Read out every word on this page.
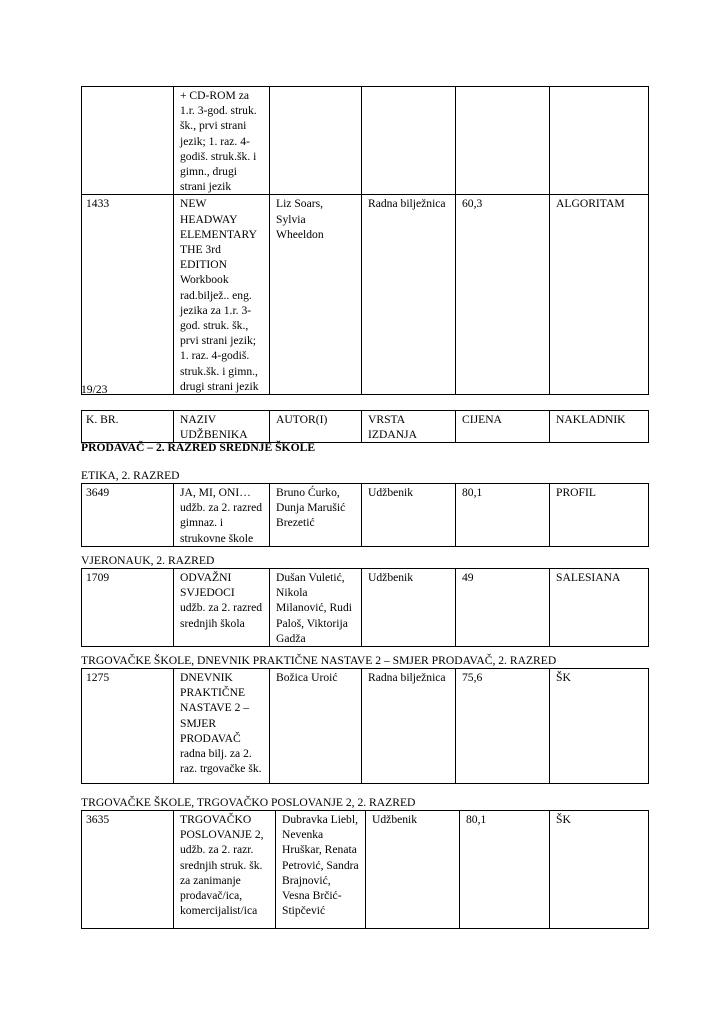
	+ CD-ROM za 1.r. 3-god. struk. šk., prvi strani jezik; 1. raz. 4-godiš. struk.šk. i gimn., drugi strani jezik				
1433	NEW HEADWAY ELEMENTARY THE 3rd EDITION Workbook rad.biljež.. eng. jezika za 1.r. 3-god. struk. šk., prvi strani jezik; 1. raz. 4-godiš. struk.šk. i gimn., drugi strani jezik	Liz Soars, Sylvia Wheeldon	Radna bilježnica	60,3	ALGORITAM
19/23
K. BR.	NAZIV UDŽBENIKA	AUTOR(I)	VRSTA IZDANJA	CIJENA	NAKLADNIK
PRODAVAČ – 2. RAZRED SREDNJE ŠKOLE
ETIKA, 2. RAZRED
3649	JA, MI, ONI… udžb. za 2. razred gimnaz. i strukovne škole	Bruno Ćurko, Dunja Marušić Brezetić	Udžbenik	80,1	PROFIL
VJERONAUK, 2. RAZRED
1709	ODVAŽNI SVJEDOCI udžb. za 2. razred srednjih škola	Dušan Vuletić, Nikola Milanović, Rudi Paloš, Viktorija Gadža	Udžbenik	49	SALESIANA
TRGOVAČKE ŠKOLE, DNEVNIK PRAKTIČNE NASTAVE 2 – SMJER PRODAVAČ, 2. RAZRED
1275	DNEVNIK PRAKTIČNE NASTAVE 2 – SMJER PRODAVAČ radna bilj. za 2. raz. trgovačke šk.	Božica Uroić	Radna bilježnica	75,6	ŠK
TRGOVAČKE ŠKOLE, TRGOVAČKO POSLOVANJE 2, 2. RAZRED
3635	TRGOVAČKO POSLOVANJE 2, udžb. za 2. razr. srednjih struk. šk. za zanimanje prodavač/ica, komercijalist/ica	Dubravka Liebl, Nevenka Hruškar, Renata Petrović, Sandra Brajnović, Vesna Brčić-Stipčević	Udžbenik	80,1	ŠK
